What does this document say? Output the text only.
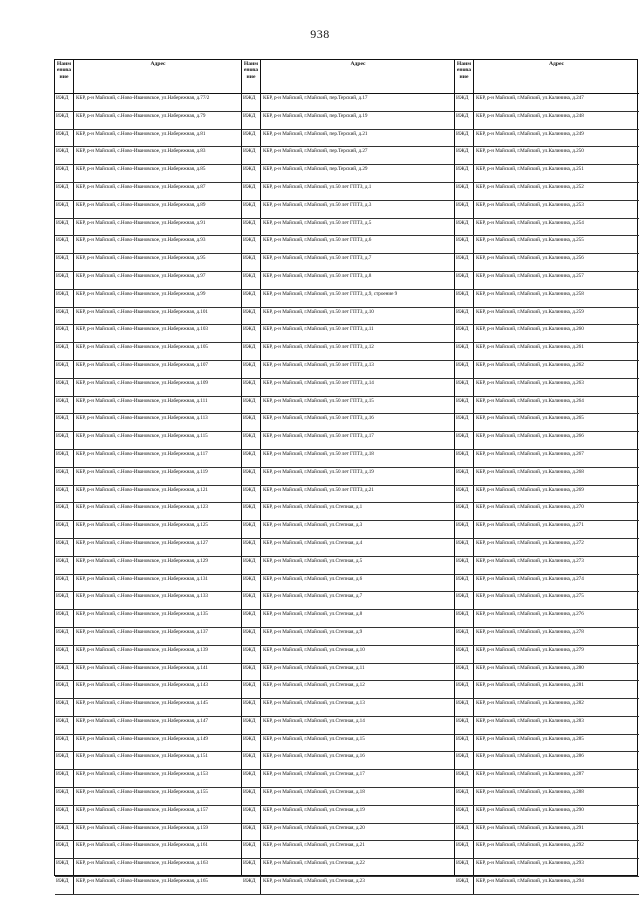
938
Наим енова ние
Адрес
ИЖД	КБР, р-н Майский, с.Ново-Ивановское, ул.Набережная, д.77/2
ИЖД	КБР, р-н Майский, с.Ново-Ивановское, ул.Набережная, д.79
ИЖД	КБР, р-н Майский, с.Ново-Ивановское, ул.Набережная, д.81
ИЖД	КБР, р-н Майский, с.Ново-Ивановское, ул.Набережная, д.83
ИЖД	КБР, р-н Майский, с.Ново-Ивановское, ул.Набережная, д.85
ИЖД	КБР, р-н Майский, с.Ново-Ивановское, ул.Набережная, д.87
ИЖД	КБР, р-н Майский, с.Ново-Ивановское, ул.Набережная, д.89
ИЖД	КБР, р-н Майский, с.Ново-Ивановское, ул.Набережная, д.91
ИЖД	КБР, р-н Майский, с.Ново-Ивановское, ул.Набережная, д.93
ИЖД	КБР, р-н Майский, с.Ново-Ивановское, ул.Набережная, д.95
ИЖД	КБР, р-н Майский, с.Ново-Ивановское, ул.Набережная, д.97
ИЖД	КБР, р-н Майский, с.Ново-Ивановское, ул.Набережная, д.99
ИЖД	КБР, р-н Майский, с.Ново-Ивановское, ул.Набережная, д.101
ИЖД	КБР, р-н Майский, с.Ново-Ивановское, ул.Набережная, д.103
ИЖД	КБР, р-н Майский, с.Ново-Ивановское, ул.Набережная, д.105
ИЖД	КБР, р-н Майский, с.Ново-Ивановское, ул.Набережная, д.107
ИЖД	КБР, р-н Майский, с.Ново-Ивановское, ул.Набережная, д.109
ИЖД	КБР, р-н Майский, с.Ново-Ивановское, ул.Набережная, д.111
ИЖД	КБР, р-н Майский, с.Ново-Ивановское, ул.Набережная, д.113
ИЖД	КБР, р-н Майский, с.Ново-Ивановское, ул.Набережная, д.115
ИЖД	КБР, р-н Майский, с.Ново-Ивановское, ул.Набережная, д.117
ИЖД	КБР, р-н Майский, с.Ново-Ивановское, ул.Набережная, д.119
ИЖД	КБР, р-н Майский, с.Ново-Ивановское, ул.Набережная, д.121
ИЖД	КБР, р-н Майский, с.Ново-Ивановское, ул.Набережная, д.123
ИЖД	КБР, р-н Майский, с.Ново-Ивановское, ул.Набережная, д.125
ИЖД	КБР, р-н Майский, с.Ново-Ивановское, ул.Набережная, д.127
ИЖД	КБР, р-н Майский, с.Ново-Ивановское, ул.Набережная, д.129
ИЖД	КБР, р-н Майский, с.Ново-Ивановское, ул.Набережная, д.131
ИЖД	КБР, р-н Майский, с.Ново-Ивановское, ул.Набережная, д.133
ИЖД	КБР, р-н Майский, с.Ново-Ивановское, ул.Набережная, д.135
ИЖД	КБР, р-н Майский, с.Ново-Ивановское, ул.Набережная, д.137
ИЖД	КБР, р-н Майский, с.Ново-Ивановское, ул.Набережная, д.139
ИЖД	КБР, р-н Майский, с.Ново-Ивановское, ул.Набережная, д.141
ИЖД	КБР, р-н Майский, с.Ново-Ивановское, ул.Набережная, д.143
ИЖД	КБР, р-н Майский, с.Ново-Ивановское, ул.Набережная, д.145
ИЖД	КБР, р-н Майский, с.Ново-Ивановское, ул.Набережная, д.147
ИЖД	КБР, р-н Майский, с.Ново-Ивановское, ул.Набережная, д.149
ИЖД	КБР, р-н Майский, с.Ново-Ивановское, ул.Набережная, д.151
ИЖД	КБР, р-н Майский, с.Ново-Ивановское, ул.Набережная, д.153
ИЖД	КБР, р-н Майский, с.Ново-Ивановское, ул.Набережная, д.155
ИЖД	КБР, р-н Майский, с.Ново-Ивановское, ул.Набережная, д.157
ИЖД	КБР, р-н Майский, с.Ново-Ивановское, ул.Набережная, д.159
ИЖД	КБР, р-н Майский, с.Ново-Ивановское, ул.Набережная, д.161
ИЖД	КБР, р-н Майский, с.Ново-Ивановское, ул.Набережная, д.163
ИЖД	КБР, р-н Майский, с.Ново-Ивановское, ул.Набережная, д.165
Наим енова ние
Адрес
ИЖД	КБР, р-н Майский, г.Майский, пер.Терский, д.17
ИЖД	КБР, р-н Майский, г.Майский, пер.Терский, д.19
ИЖД	КБР, р-н Майский, г.Майский, пер.Терский, д.21
ИЖД	КБР, р-н Майский, г.Майский, пер.Терский, д.27
ИЖД	КБР, р-н Майский, г.Майский, пер.Терский, д.29
ИЖД	КБР, р-н Майский, г.Майский, ул.50 лет ГПТЗ, д.1
ИЖД	КБР, р-н Майский, г.Майский, ул.50 лет ГПТЗ, д.3
ИЖД	КБР, р-н Майский, г.Майский, ул.50 лет ГПТЗ, д.5
ИЖД	КБР, р-н Майский, г.Майский, ул.50 лет ГПТЗ, д.6
ИЖД	КБР, р-н Майский, г.Майский, ул.50 лет ГПТЗ, д.7
ИЖД	КБР, р-н Майский, г.Майский, ул.50 лет ГПТЗ, д.8
ИЖД	КБР, р-н Майский, г.Майский, ул.50 лет ГПТЗ, д.9, строение 9
ИЖД	КБР, р-н Майский, г.Майский, ул.50 лет ГПТЗ, д.10
ИЖД	КБР, р-н Майский, г.Майский, ул.50 лет ГПТЗ, д.11
ИЖД	КБР, р-н Майский, г.Майский, ул.50 лет ГПТЗ, д.12
ИЖД	КБР, р-н Майский, г.Майский, ул.50 лет ГПТЗ, д.13
ИЖД	КБР, р-н Майский, г.Майский, ул.50 лет ГПТЗ, д.14
ИЖД	КБР, р-н Майский, г.Майский, ул.50 лет ГПТЗ, д.15
ИЖД	КБР, р-н Майский, г.Майский, ул.50 лет ГПТЗ, д.16
ИЖД	КБР, р-н Майский, г.Майский, ул.50 лет ГПТЗ, д.17
ИЖД	КБР, р-н Майский, г.Майский, ул.50 лет ГПТЗ, д.18
ИЖД	КБР, р-н Майский, г.Майский, ул.50 лет ГПТЗ, д.19
ИЖД	КБР, р-н Майский, г.Майский, ул.50 лет ГПТЗ, д.21
ИЖД	КБР, р-н Майский, г.Майский, ул.Степная, д.1
ИЖД	КБР, р-н Майский, г.Майский, ул.Степная, д.3
ИЖД	КБР, р-н Майский, г.Майский, ул.Степная, д.4
ИЖД	КБР, р-н Майский, г.Майский, ул.Степная, д.5
ИЖД	КБР, р-н Майский, г.Майский, ул.Степная, д.6
ИЖД	КБР, р-н Майский, г.Майский, ул.Степная, д.7
ИЖД	КБР, р-н Майский, г.Майский, ул.Степная, д.8
ИЖД	КБР, р-н Майский, г.Майский, ул.Степная, д.9
ИЖД	КБР, р-н Майский, г.Майский, ул.Степная, д.10
ИЖД	КБР, р-н Майский, г.Майский, ул.Степная, д.11
ИЖД	КБР, р-н Майский, г.Майский, ул.Степная, д.12
ИЖД	КБР, р-н Майский, г.Майский, ул.Степная, д.13
ИЖД	КБР, р-н Майский, г.Майский, ул.Степная, д.14
ИЖД	КБР, р-н Майский, г.Майский, ул.Степная, д.15
ИЖД	КБР, р-н Майский, г.Майский, ул.Степная, д.16
ИЖД	КБР, р-н Майский, г.Майский, ул.Степная, д.17
ИЖД	КБР, р-н Майский, г.Майский, ул.Степная, д.18
ИЖД	КБР, р-н Майский, г.Майский, ул.Степная, д.19
ИЖД	КБР, р-н Майский, г.Майский, ул.Степная, д.20
ИЖД	КБР, р-н Майский, г.Майский, ул.Степная, д.21
ИЖД	КБР, р-н Майский, г.Майский, ул.Степная, д.22
ИЖД	КБР, р-н Майский, г.Майский, ул.Степная, д.23
Наим енова ние
Адрес
ИЖД	КБР, р-н Майский, г.Майский, ул.Калинина, д.247
ИЖД	КБР, р-н Майский, г.Майский, ул.Калинина, д.248
ИЖД	КБР, р-н Майский, г.Майский, ул.Калинина, д.249
ИЖД	КБР, р-н Майский, г.Майский, ул.Калинина, д.250
ИЖД	КБР, р-н Майский, г.Майский, ул.Калинина, д.251
ИЖД	КБР, р-н Майский, г.Майский, ул.Калинина, д.252
ИЖД	КБР, р-н Майский, г.Майский, ул.Калинина, д.253
ИЖД	КБР, р-н Майский, г.Майский, ул.Калинина, д.254
ИЖД	КБР, р-н Майский, г.Майский, ул.Калинина, д.255
ИЖД	КБР, р-н Майский, г.Майский, ул.Калинина, д.256
ИЖД	КБР, р-н Майский, г.Майский, ул.Калинина, д.257
ИЖД	КБР, р-н Майский, г.Майский, ул.Калинина, д.258
ИЖД	КБР, р-н Майский, г.Майский, ул.Калинина, д.259
ИЖД	КБР, р-н Майский, г.Майский, ул.Калинина, д.260
ИЖД	КБР, р-н Майский, г.Майский, ул.Калинина, д.261
ИЖД	КБР, р-н Майский, г.Майский, ул.Калинина, д.262
ИЖД	КБР, р-н Майский, г.Майский, ул.Калинина, д.263
ИЖД	КБР, р-н Майский, г.Майский, ул.Калинина, д.264
ИЖД	КБР, р-н Майский, г.Майский, ул.Калинина, д.265
ИЖД	КБР, р-н Майский, г.Майский, ул.Калинина, д.266
ИЖД	КБР, р-н Майский, г.Майский, ул.Калинина, д.267
ИЖД	КБР, р-н Майский, г.Майский, ул.Калинина, д.268
ИЖД	КБР, р-н Майский, г.Майский, ул.Калинина, д.269
ИЖД	КБР, р-н Майский, г.Майский, ул.Калинина, д.270
ИЖД	КБР, р-н Майский, г.Майский, ул.Калинина, д.271
ИЖД	КБР, р-н Майский, г.Майский, ул.Калинина, д.272
ИЖД	КБР, р-н Майский, г.Майский, ул.Калинина, д.273
ИЖД	КБР, р-н Майский, г.Майский, ул.Калинина, д.274
ИЖД	КБР, р-н Майский, г.Майский, ул.Калинина, д.275
ИЖД	КБР, р-н Майский, г.Майский, ул.Калинина, д.276
ИЖД	КБР, р-н Майский, г.Майский, ул.Калинина, д.278
ИЖД	КБР, р-н Майский, г.Майский, ул.Калинина, д.279
ИЖД	КБР, р-н Майский, г.Майский, ул.Калинина, д.280
ИЖД	КБР, р-н Майский, г.Майский, ул.Калинина, д.281
ИЖД	КБР, р-н Майский, г.Майский, ул.Калинина, д.282
ИЖД	КБР, р-н Майский, г.Майский, ул.Калинина, д.283
ИЖД	КБР, р-н Майский, г.Майский, ул.Калинина, д.285
ИЖД	КБР, р-н Майский, г.Майский, ул.Калинина, д.286
ИЖД	КБР, р-н Майский, г.Майский, ул.Калинина, д.287
ИЖД	КБР, р-н Майский, г.Майский, ул.Калинина, д.288
ИЖД	КБР, р-н Майский, г.Майский, ул.Калинина, д.290
ИЖД	КБР, р-н Майский, г.Майский, ул.Калинина, д.291
ИЖД	КБР, р-н Майский, г.Майский, ул.Калинина, д.292
ИЖД	КБР, р-н Майский, г.Майский, ул.Калинина, д.293
ИЖД	КБР, р-н Майский, г.Майский, ул.Калинина, д.294
